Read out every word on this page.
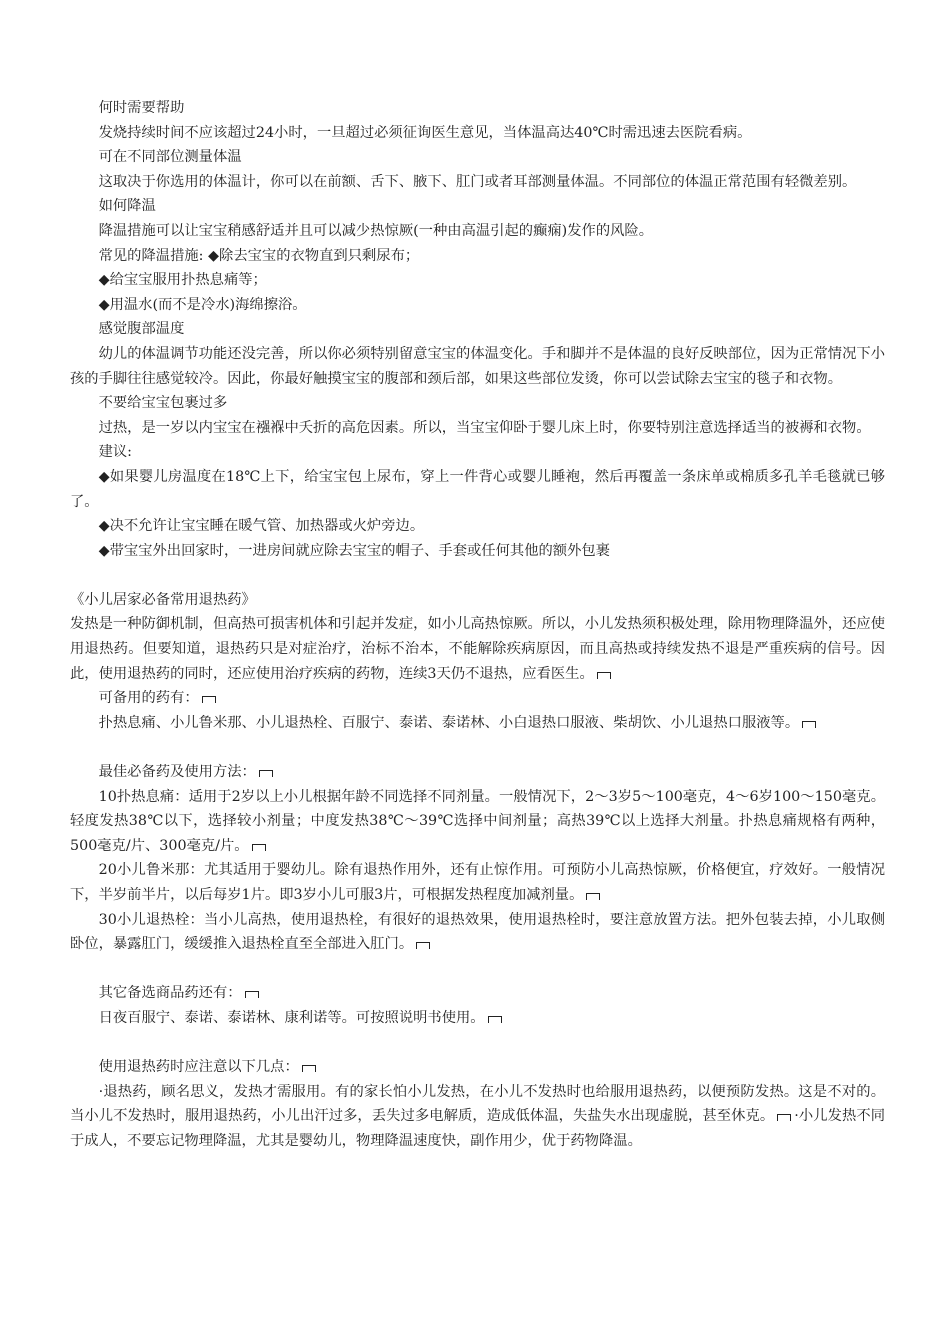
何时需要帮助

发烧持续时间不应该超过24小时，一旦超过必须征询医生意见，当体温高达40℃时需迅速去医院看病。

可在不同部位测量体温

这取决于你选用的体温计，你可以在前额、舌下、腋下、肛门或者耳部测量体温。不同部位的体温正常范围有轻微差别。

如何降温

降温措施可以让宝宝稍感舒适并且可以减少热惊厥(一种由高温引起的癫痫)发作的风险。

常见的降温措施: ◆除去宝宝的衣物直到只剩尿布；

◆给宝宝服用扑热息痛等；

◆用温水(而不是冷水)海绵擦浴。

感觉腹部温度

幼儿的体温调节功能还没完善，所以你必须特别留意宝宝的体温变化。手和脚并不是体温的良好反映部位，因为正常情况下小孩的手脚往往感觉较冷。因此，你最好触摸宝宝的腹部和颈后部，如果这些部位发烫，你可以尝试除去宝宝的毯子和衣物。

不要给宝宝包裹过多

过热，是一岁以内宝宝在襁褓中夭折的高危因素。所以，当宝宝仰卧于婴儿床上时，你要特别注意选择适当的被褥和衣物。

建议:

◆如果婴儿房温度在18℃上下，给宝宝包上尿布，穿上一件背心或婴儿睡袍，然后再覆盖一条床单或棉质多孔羊毛毯就已够了。

◆决不允许让宝宝睡在暖气管、加热器或火炉旁边。

◆带宝宝外出回家时，一进房间就应除去宝宝的帽子、手套或任何其他的额外包裹

《小儿居家必备常用退热药》

发热是一种防御机制，但高热可损害机体和引起并发症，如小儿高热惊厥。所以，小儿发热须积极处理，除用物理降温外，还应使用退热药。但要知道，退热药只是对症治疗，治标不治本，不能解除疾病原因，而且高热或持续发热不退是严重疾病的信号。因此，使用退热药的同时，还应使用治疗疾病的药物，连续3天仍不退热，应看医生。

可备用的药有：

扑热息痛、小儿鲁米那、小儿退热栓、百服宁、泰诺、泰诺林、小白退热口服液、柴胡饮、小儿退热口服液等。

最佳必备药及使用方法：

10扑热息痛：适用于2岁以上小儿根据年龄不同选择不同剂量。一般情况下，2～3岁5～100毫克，4～6岁100～150毫克。轻度发热38℃以下，选择较小剂量；中度发热38℃～39℃选择中间剂量；高热39℃以上选择大剂量。扑热息痛规格有两种，500毫克/片、300毫克/片。

20小儿鲁米那：尤其适用于婴幼儿。除有退热作用外，还有止惊作用。可预防小儿高热惊厥，价格便宜，疗效好。一般情况下，半岁前半片，以后每岁1片。即3岁小儿可服3片，可根据发热程度加减剂量。

30小儿退热栓：当小儿高热，使用退热栓，有很好的退热效果，使用退热栓时，要注意放置方法。把外包装去掉，小儿取侧卧位，暴露肛门，缓缓推入退热栓直至全部进入肛门。

其它备选商品药还有：

日夜百服宁、泰诺、泰诺林、康利诺等。可按照说明书使用。

使用退热药时应注意以下几点：

·退热药，顾名思义，发热才需服用。有的家长怕小儿发热，在小儿不发热时也给服用退热药，以便预防发热。这是不对的。当小儿不发热时，服用退热药，小儿出汗过多，丢失过多电解质，造成低体温，失盐失水出现虚脱，甚至休克。 ·小儿发热不同于成人，不要忘记物理降温，尤其是婴幼儿，物理降温速度快，副作用少，优于药物降温。
